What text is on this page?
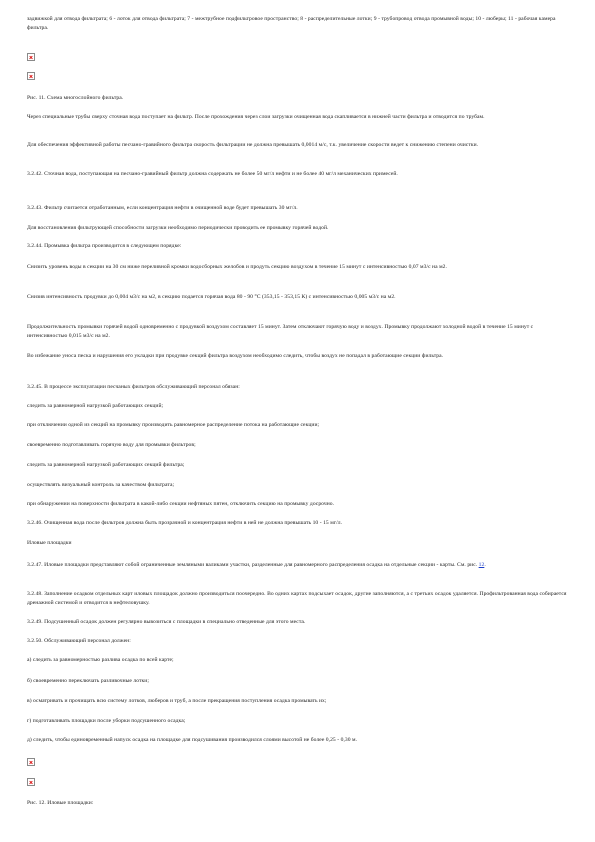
задвижкой для отвода фильтрата; 6 - лоток для отвода фильтрата; 7 - межтрубное подфильтровое пространство; 8 - распределительные лотки; 9 - трубопровод отвода промывной воды; 10 - люберы; 11 - рабочая камера фильтра.

Рис. 11. Схема многослойного фильтра.

Через специальные трубы сверху сточная вода поступает на фильтр. После прохождения через слои загрузки очищенная вода скапливается в нижней части фильтра и отводится по трубам.

Для обеспечения эффективной работы песчано-гравийного фильтра скорость фильтрации не должна превышать 0,0014 м/с, т.к. увеличение скорости ведет к снижению степени очистки.

3.2.42. Сточная вода, поступающая на песчано-гравийный фильтр должна содержать не более 50 мг/л нефти и не более 40 мг/л механических примесей.

3.2.43. Фильтр считается отработанным, если концентрация нефти в очищенной воде будет превышать 30 мг/л.

Для восстановления фильтрующей способности загрузки необходимо периодически проводить ее промывку горячей водой.

3.2.44. Промывка фильтра производится в следующем порядке:

Снизить уровень воды в секции на 30 см ниже переливной кромки водосборных желобов и продуть секцию воздухом в течение 15 минут с интенсивностью 0,07 м3/с на м2.

Снизив интенсивность продувки до 0,004 м3/с на м2, в секцию подается горячая вода 80 - 90 °С (353,15 - 353,15 К) с интенсивностью 0,005 м3/с на м2.

Продолжительность промывки горячей водой одновременно с продувкой воздухом составляет 15 минут. Затем отключают горячую воду и воздух. Промывку продолжают холодной водой в течение 15 минут с интенсивностью 0,015 м3/с на м2.

Во избежание уноса песка и нарушения его укладки при продувке секций фильтра воздухом необходимо следить, чтобы воздух не попадал в работающие секции фильтра.

3.2.45. В процессе эксплуатации песчаных фильтров обслуживающий персонал обязан:

следить за равномерной нагрузкой работающих секций;

при отключении одной из секций на промывку производить равномерное распределение потока на работающие секции;

своевременно подготавливать горячую воду для промывки фильтров;

следить за равномерной нагрузкой работающих секций фильтра;

осуществлять визуальный контроль за качеством фильтрата;

при обнаружении на поверхности фильтрата в какой-либо секции нефтяных пятен, отключить секцию на промывку досрочно.

3.2.46. Очищенная вода после фильтров должна быть прозрачной и концентрация нефти в ней не должна превышать 10 - 15 мг/л.

Иловые площадки

3.2.47. Иловые площадки представляют собой ограниченные земляными валиками участки, разделенные для равномерного распределения осадка на отдельные секции - карты. См. рис. 12.

3.2.48. Заполнение осадком отдельных карт иловых площадок должно производиться поочередно. Во одних картах подсыхает осадок, другие заполняются, а с третьих осадок удаляется. Профильтрованная вода собирается дренажной системой и отводится в нефтеловушку.

3.2.49. Подсушенный осадок должен регулярно вывозиться с площадки в специально отведенные для этого места.

3.2.50. Обслуживающий персонал должен:

а) следить за равномерностью разлива осадка по всей карте;

б) своевременно переключать разливочные лотки;

в) осматривать и прочищать всю систему лотков, люберов и труб, а после прекращения поступления осадка промывать их;

г) подготавливать площадки после уборки подсушенного осадка;

д) следить, чтобы единовременный напуск осадка на площадке для подсушивания производился слоями высотой не более 0,25 - 0,30 м.

Рис. 12. Иловые площадки:
